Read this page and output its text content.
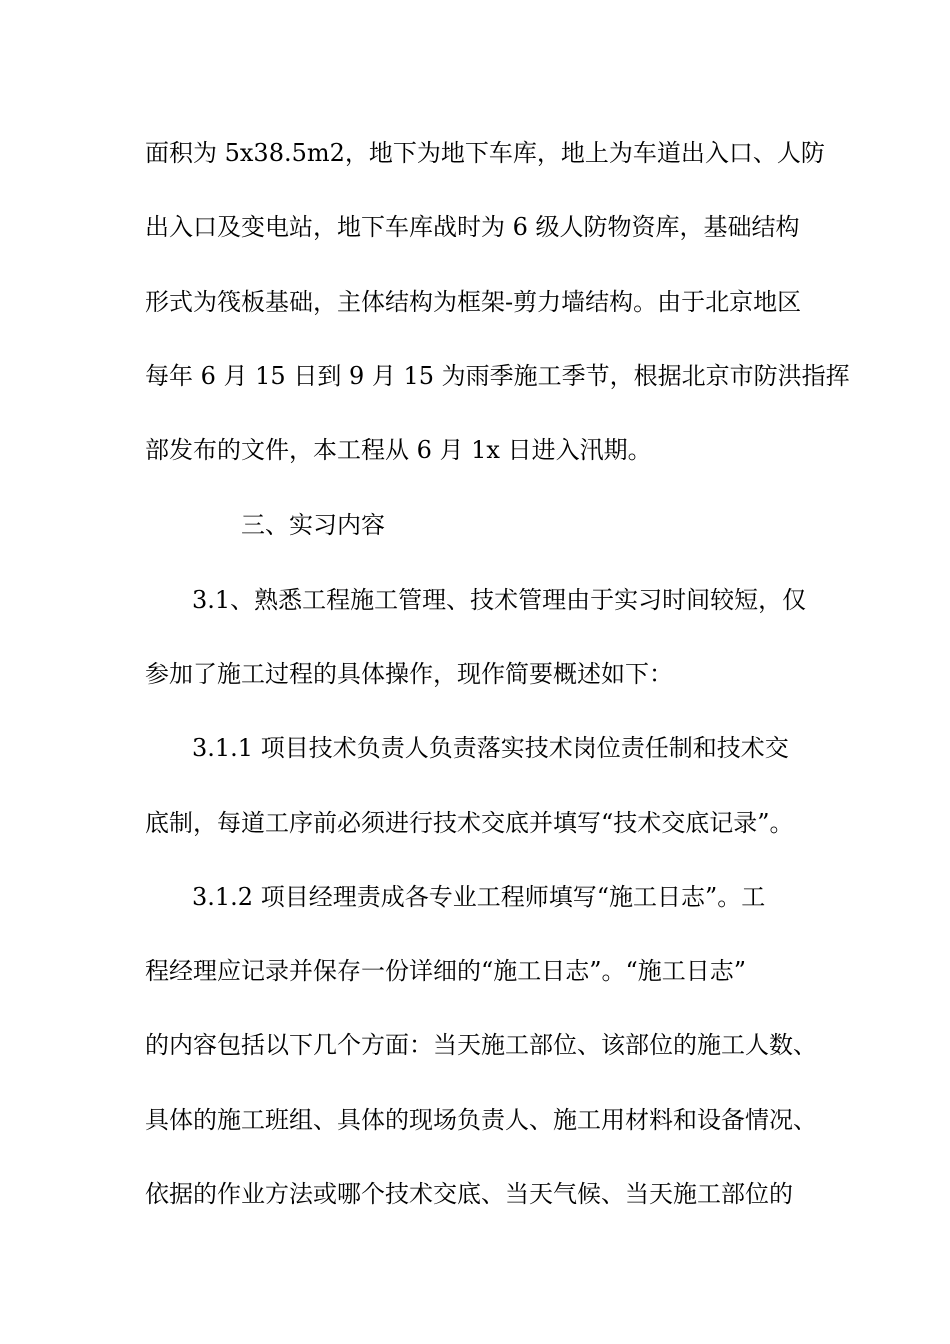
面积为 5x38.5m2，地下为地下车库，地上为车道出入口、人防
出入口及变电站，地下车库战时为 6 级人防物资库，基础结构
形式为筏板基础，主体结构为框架-剪力墙结构。由于北京地区
每年 6 月 15 日到 9 月 15 为雨季施工季节，根据北京市防洪指挥
部发布的文件，本工程从 6 月 1x 日进入汛期。
三、实习内容
3.1、熟悉工程施工管理、技术管理由于实习时间较短，仅
参加了施工过程的具体操作，现作简要概述如下：
3.1.1 项目技术负责人负责落实技术岗位责任制和技术交
底制，每道工序前必须进行技术交底并填写“技术交底记录”。
3.1.2 项目经理责成各专业工程师填写“施工日志”。工
程经理应记录并保存一份详细的“施工日志”。“施工日志”
的内容包括以下几个方面：当天施工部位、该部位的施工人数、
具体的施工班组、具体的现场负责人、施工用材料和设备情况、
依据的作业方法或哪个技术交底、当天气候、当天施工部位的
